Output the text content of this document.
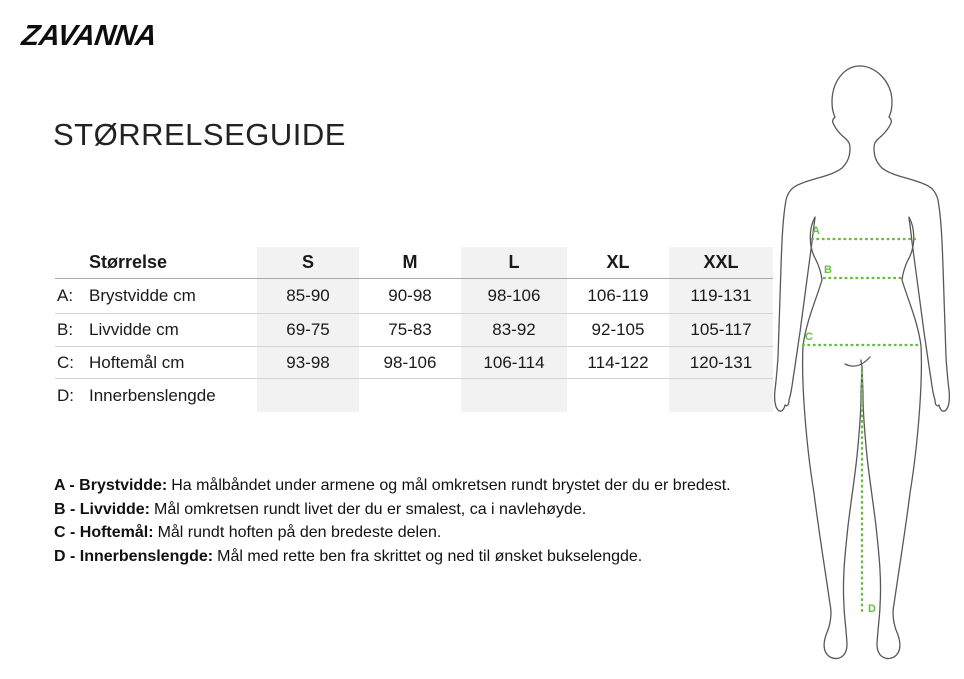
ZAVANNA
STØRRELSEGUIDE
Størrelse	S	M	L	XL	XXL
A: Brystvidde cm	85-90	90-98	98-106	106-119	119-131
B: Livvidde cm	69-75	75-83	83-92	92-105	105-117
C: Hoftemål cm	93-98	98-106	106-114	114-122	120-131
D: Innerbenslengde
A - Brystvidde: Ha målbåndet under armene og mål omkretsen rundt brystet der du er bredest.
B - Livvidde: Mål omkretsen rundt livet der du er smalest, ca i navlehøyde.
C - Hoftemål: Mål rundt hoften på den bredeste delen.
D - Innerbenslengde: Mål med rette ben fra skrittet og ned til ønsket bukselengde.
A
B
C
D
